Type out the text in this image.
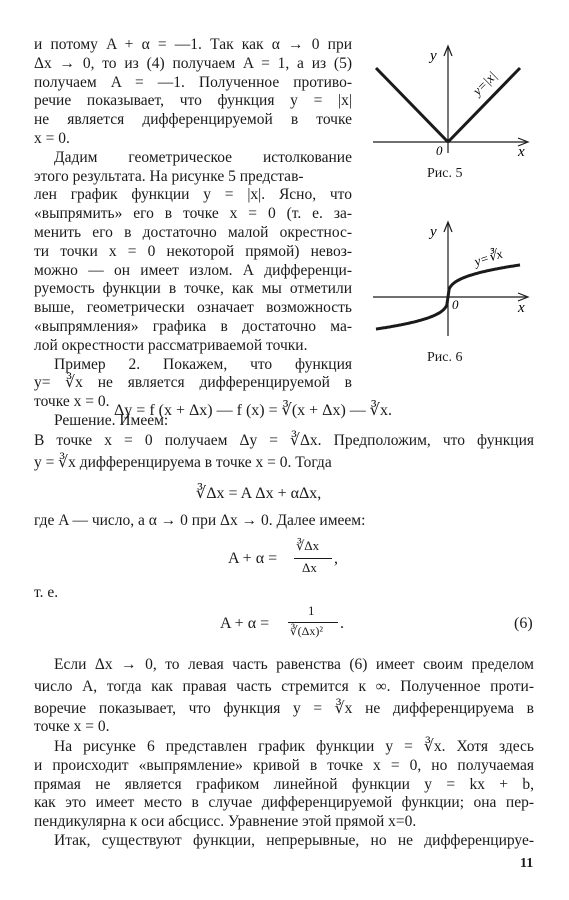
и потому A + α = —1. Так как α → 0 при
Δx → 0, то из (4) получаем A = 1, а из (5)
получаем A = —1. Полученное противо-
речие показывает, что функция y = |x|
не является дифференцируемой в точке
x = 0.
Дадим геометрическое истолкование
этого результата. На рисунке 5 представ-
лен график функции y = |x|. Ясно, что
«выпрямить» его в точке x = 0 (т. е. за-
менить его в достаточно малой окрестнос-
ти точки x = 0 некоторой прямой) невоз-
можно — он имеет излом. А дифференци-
руемость функции в точке, как мы отметили
выше, геометрически означает возможность
«выпрямления» графика в достаточно ма-
лой окрестности рассматриваемой точки.
Пример 2. Покажем, что функция
y= ∛x не является дифференцируемой в
точке x = 0.
Решение. Имеем:
y
x
0
y=|x|
Рис. 5
y
x
0
y=∛x
Рис. 6
Δy = f (x + Δx) — f (x) = ∛(x + Δx) — ∛x.
В точке x = 0 получаем Δy = ∛Δx. Предположим, что функция
y = ∛x дифференцируема в точке x = 0. Тогда
∛Δx = A Δx + αΔx,
где A — число, а α → 0 при Δx → 0. Далее имеем:
A + α =
∛Δx
Δx
,
т. е.
A + α =
1
∛(Δx)² .	(6)
Если Δx → 0, то левая часть равенства (6) имеет своим пределом
число A, тогда как правая часть стремится к ∞. Полученное проти-
воречие показывает, что функция y = ∛x не дифференцируема в
точке x = 0.
На рисунке 6 представлен график функции y = ∛x. Хотя здесь
и происходит «выпрямление» кривой в точке x = 0, но получаемая
прямая не является графиком линейной функции y = kx + b,
как это имеет место в случае дифференцируемой функции; она пер-
пендикулярна к оси абсцисс. Уравнение этой прямой x=0.
Итак, существуют функции, непрерывные, но не дифференцируе-
11
